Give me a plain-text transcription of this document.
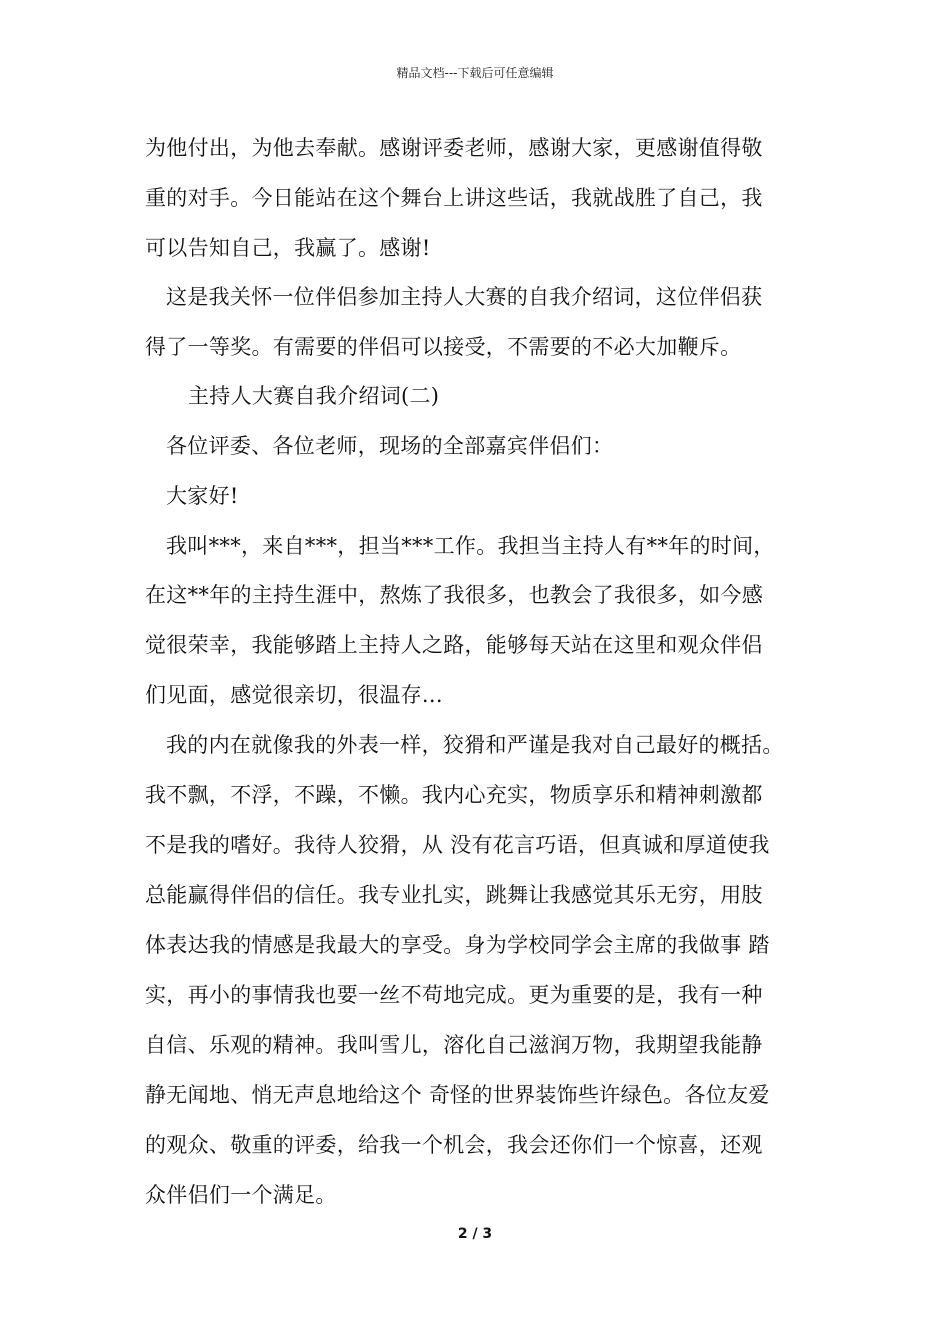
精品文档---下载后可任意编辑
为他付出，为他去奉献。感谢评委老师，感谢大家，更感谢值得敬
重的对手。今日能站在这个舞台上讲这些话，我就战胜了自己，我
可以告知自己，我赢了。感谢!
这是我关怀一位伴侣参加主持人大赛的自我介绍词，这位伴侣获
得了一等奖。有需要的伴侣可以接受，不需要的不必大加鞭斥。
主持人大赛自我介绍词(二)
各位评委、各位老师，现场的全部嘉宾伴侣们：
大家好!
我叫***，来自***，担当***工作。我担当主持人有**年的时间，
在这**年的主持生涯中，熬炼了我很多，也教会了我很多，如今感
觉很荣幸，我能够踏上主持人之路，能够每天站在这里和观众伴侣
们见面，感觉很亲切，很温存...
我的内在就像我的外表一样，狡猾和严谨是我对自己最好的概括。
我不飘，不浮，不躁，不懒。我内心充实，物质享乐和精神刺激都
不是我的嗜好。我待人狡猾，从 没有花言巧语，但真诚和厚道使我
总能赢得伴侣的信任。我专业扎实，跳舞让我感觉其乐无穷，用肢
体表达我的情感是我最大的享受。身为学校同学会主席的我做事 踏
实，再小的事情我也要一丝不苟地完成。更为重要的是，我有一种
自信、乐观的精神。我叫雪儿，溶化自己滋润万物，我期望我能静
静无闻地、悄无声息地给这个 奇怪的世界装饰些许绿色。各位友爱
的观众、敬重的评委，给我一个机会，我会还你们一个惊喜，还观
众伴侣们一个满足。
2 / 3
